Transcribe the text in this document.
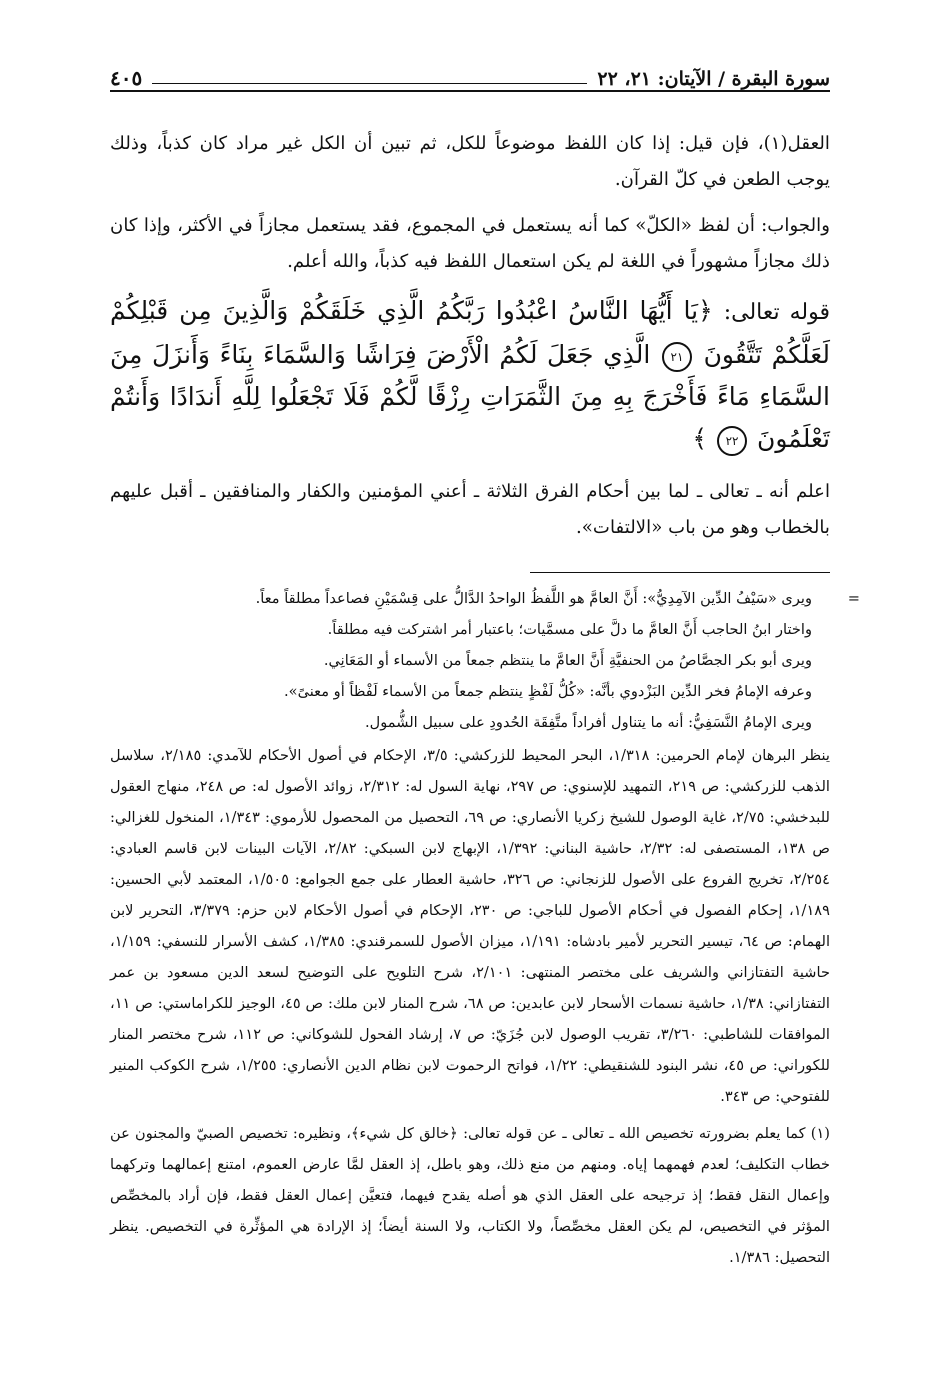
سورة البقرة / الآيتان: ٢١، ٢٢
٤٠٥

العقل(١)، فإن قيل: إذا كان اللفظ موضوعاً للكل، ثم تبين أن الكل غير مراد كان كذباً، وذلك يوجب الطعن في كلّ القرآن.

والجواب: أن لفظ «الكلّ» كما أنه يستعمل في المجموع، فقد يستعمل مجازاً في الأكثر، وإذا كان ذلك مجازاً مشهوراً في اللغة لم يكن استعمال اللفظ فيه كذباً، والله أعلم.

قوله تعالى: ﴿يَا أَيُّهَا النَّاسُ اعْبُدُوا رَبَّكُمُ الَّذِي خَلَقَكُمْ وَالَّذِينَ مِن قَبْلِكُمْ لَعَلَّكُمْ تَتَّقُونَ ٢١ الَّذِي جَعَلَ لَكُمُ الْأَرْضَ فِرَاشًا وَالسَّمَاءَ بِنَاءً وَأَنزَلَ مِنَ السَّمَاءِ مَاءً فَأَخْرَجَ بِهِ مِنَ الثَّمَرَاتِ رِزْقًا لَّكُمْ فَلَا تَجْعَلُوا لِلَّهِ أَندَادًا وَأَنتُمْ تَعْلَمُونَ ٢٢ ﴾

اعلم أنه ـ تعالى ـ لما بين أحكام الفرق الثلاثة ـ أعني المؤمنين والكفار والمنافقين ـ أقبل عليهم بالخطاب وهو من باب «الالتفات».

=

ويرى «سَيْفُ الدِّين الآمِدِيُّ»: أَنَّ العامَّ هو اللَّفظُ الواحدُ الدَّالُّ على قِسْمَيْنِ فصاعداً مطلقاً معاً.

واختار ابنُ الحاجب أَنَّ العامَّ ما دلَّ على مسمَّيات؛ باعتبار أمر اشتركت فيه مطلقاً.

ويرى أبو بكر الجصَّاصُ من الحنفيَّةِ أَنَّ العامَّ ما ينتظم جمعاً من الأسماء أو المَعَانِي.

وعرفه الإمامُ فخر الدِّين البَزْدوي بأنَّه: «كُلُّ لَفْظٍ ينتظم جمعاً من الأسماء لَفْظاً أو معنىً».

ويرى الإمامُ النَّسَفِيُّ: أنه ما يتناول أفراداً متَّفِقَة الحُدودِ على سبيل الشُّمول.

ينظر البرهان لإمام الحرمين: ١/٣١٨، البحر المحيط للزركشي: ٣/٥، الإحكام في أصول الأحكام للآمدي: ٢/١٨٥، سلاسل الذهب للزركشي: ص ٢١٩، التمهيد للإسنوي: ص ٢٩٧، نهاية السول له: ٢/٣١٢، زوائد الأصول له: ص ٢٤٨، منهاج العقول للبدخشي: ٢/٧٥، غاية الوصول للشيخ زكريا الأنصاري: ص ٦٩، التحصيل من المحصول للأرموي: ١/٣٤٣، المنخول للغزالي: ص ١٣٨، المستصفى له: ٢/٣٢، حاشية البناني: ١/٣٩٢، الإبهاج لابن السبكي: ٢/٨٢، الآيات البينات لابن قاسم العبادي: ٢/٢٥٤، تخريج الفروع على الأصول للزنجاني: ص ٣٢٦، حاشية العطار على جمع الجوامع: ١/٥٠٥، المعتمد لأبي الحسين: ١/١٨٩، إحكام الفصول في أحكام الأصول للباجي: ص ٢٣٠، الإحكام في أصول الأحكام لابن حزم: ٣/٣٧٩، التحرير لابن الهمام: ص ٦٤، تيسير التحرير لأمير بادشاه: ١/١٩١، ميزان الأصول للسمرقندي: ١/٣٨٥، كشف الأسرار للنسفي: ١/١٥٩، حاشية التفتازاني والشريف على مختصر المنتهى: ٢/١٠١، شرح التلويح على التوضيح لسعد الدين مسعود بن عمر التفتازاني: ١/٣٨، حاشية نسمات الأسحار لابن عابدين: ص ٦٨، شرح المنار لابن ملك: ص ٤٥، الوجيز للكراماستي: ص ١١، الموافقات للشاطبي: ٣/٢٦٠، تقريب الوصول لابن جُزَيّ: ص ٧، إرشاد الفحول للشوكاني: ص ١١٢، شرح مختصر المنار للكوراني: ص ٤٥، نشر البنود للشنقيطي: ١/٢٢، فواتح الرحموت لابن نظام الدين الأنصاري: ١/٢٥٥، شرح الكوكب المنير للفتوحي: ص ٣٤٣.

(١) كما يعلم بضرورته تخصيص الله ـ تعالى ـ عن قوله تعالى: ﴿خالق كل شيء﴾، ونظيره: تخصيص الصبيّ والمجنون عن خطاب التكليف؛ لعدم فهمهما إياه. ومنهم من منع ذلك، وهو باطل، إذ العقل لمَّا عارض العموم، امتنع إعمالهما وتركهما وإعمال النقل فقط؛ إذ ترجيحه على العقل الذي هو أصله يقدح فيهما، فتعيَّن إعمال العقل فقط، فإن أراد بالمخصِّص المؤثر في التخصيص، لم يكن العقل مخصِّصاً، ولا الكتاب، ولا السنة أيضاً؛ إذ الإرادة هي المؤثِّرة في التخصيص. ينظر التحصيل: ١/٣٨٦.
